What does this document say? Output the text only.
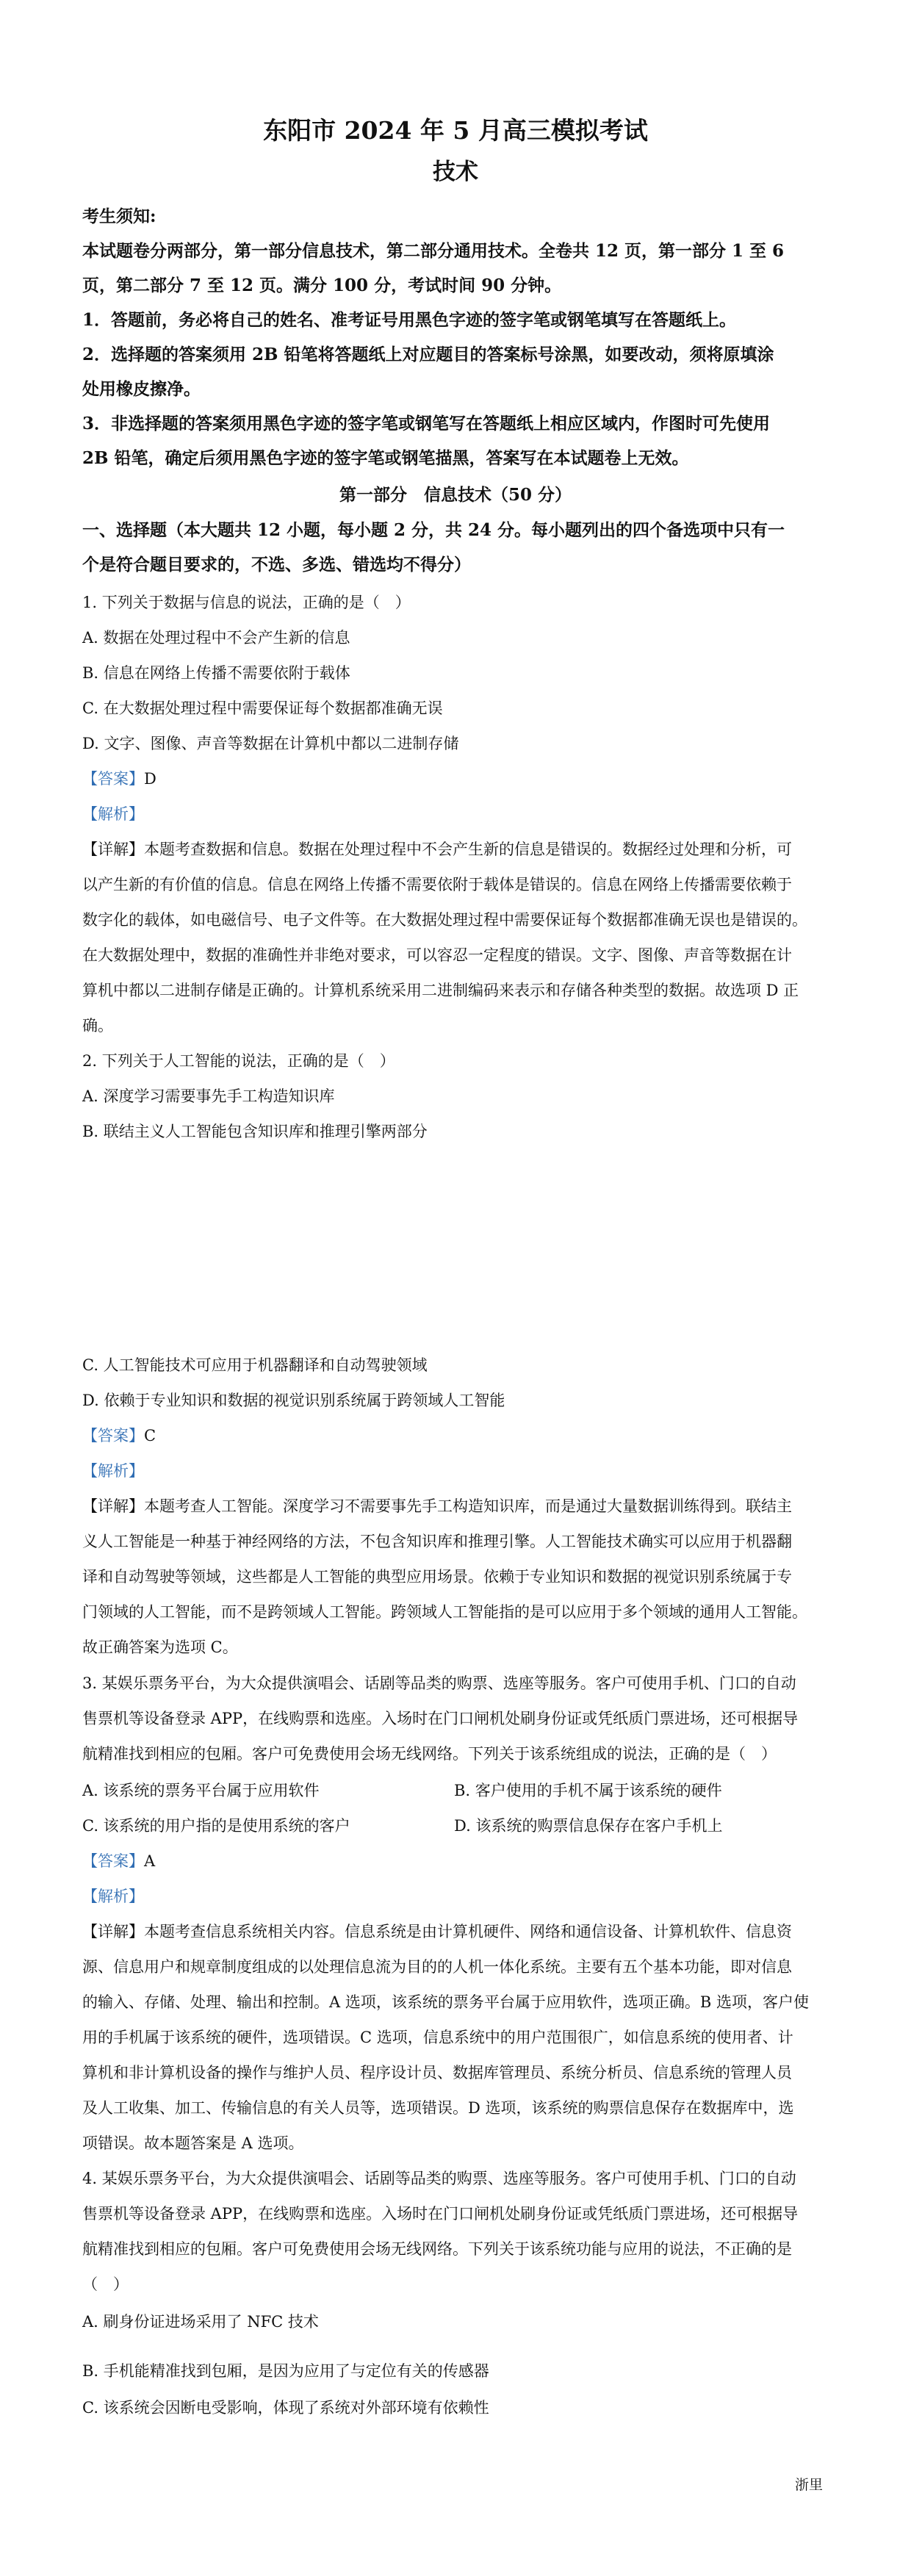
东阳市 2024 年 5 月高三模拟考试
技术
考生须知:
本试题卷分两部分，第一部分信息技术，第二部分通用技术。全卷共 12 页，第一部分 1 至 6
页，第二部分 7 至 12 页。满分 100 分，考试时间 90 分钟。
1．答题前，务必将自己的姓名、准考证号用黑色字迹的签字笔或钢笔填写在答题纸上。
2．选择题的答案须用 2B 铅笔将答题纸上对应题目的答案标号涂黑，如要改动，须将原填涂
处用橡皮擦净。
3．非选择题的答案须用黑色字迹的签字笔或钢笔写在答题纸上相应区域内，作图时可先使用
2B 铅笔，确定后须用黑色字迹的签字笔或钢笔描黑，答案写在本试题卷上无效。
第一部分　信息技术（50 分）
一、选择题（本大题共 12 小题，每小题 2 分，共 24 分。每小题列出的四个备选项中只有一
个是符合题目要求的，不选、多选、错选均不得分）
1. 下列关于数据与信息的说法，正确的是（　）
A. 数据在处理过程中不会产生新的信息
B. 信息在网络上传播不需要依附于载体
C. 在大数据处理过程中需要保证每个数据都准确无误
D. 文字、图像、声音等数据在计算机中都以二进制存储
【答案】D
【解析】
【详解】本题考查数据和信息。数据在处理过程中不会产生新的信息是错误的。数据经过处理和分析，可
以产生新的有价值的信息。信息在网络上传播不需要依附于载体是错误的。信息在网络上传播需要依赖于
数字化的载体，如电磁信号、电子文件等。在大数据处理过程中需要保证每个数据都准确无误也是错误的。
在大数据处理中，数据的准确性并非绝对要求，可以容忍一定程度的错误。文字、图像、声音等数据在计
算机中都以二进制存储是正确的。计算机系统采用二进制编码来表示和存储各种类型的数据。故选项 D 正
确。
2. 下列关于人工智能的说法，正确的是（　）
A. 深度学习需要事先手工构造知识库
B. 联结主义人工智能包含知识库和推理引擎两部分
C. 人工智能技术可应用于机器翻译和自动驾驶领域
D. 依赖于专业知识和数据的视觉识别系统属于跨领域人工智能
【答案】C
【解析】
【详解】本题考查人工智能。深度学习不需要事先手工构造知识库，而是通过大量数据训练得到。联结主
义人工智能是一种基于神经网络的方法，不包含知识库和推理引擎。人工智能技术确实可以应用于机器翻
译和自动驾驶等领域，这些都是人工智能的典型应用场景。依赖于专业知识和数据的视觉识别系统属于专
门领域的人工智能，而不是跨领域人工智能。跨领域人工智能指的是可以应用于多个领域的通用人工智能。
故正确答案为选项 C。
3. 某娱乐票务平台，为大众提供演唱会、话剧等品类的购票、选座等服务。客户可使用手机、门口的自动
售票机等设备登录 APP，在线购票和选座。入场时在门口闸机处刷身份证或凭纸质门票进场，还可根据导
航精准找到相应的包厢。客户可免费使用会场无线网络。下列关于该系统组成的说法，正确的是（　）
A. 该系统的票务平台属于应用软件	B. 客户使用的手机不属于该系统的硬件
C. 该系统的用户指的是使用系统的客户	D. 该系统的购票信息保存在客户手机上
【答案】A
【解析】
【详解】本题考查信息系统相关内容。信息系统是由计算机硬件、网络和通信设备、计算机软件、信息资
源、信息用户和规章制度组成的以处理信息流为目的的人机一体化系统。主要有五个基本功能，即对信息
的输入、存储、处理、输出和控制。A 选项，该系统的票务平台属于应用软件，选项正确。B 选项，客户使
用的手机属于该系统的硬件，选项错误。C 选项，信息系统中的用户范围很广，如信息系统的使用者、计
算机和非计算机设备的操作与维护人员、程序设计员、数据库管理员、系统分析员、信息系统的管理人员
及人工收集、加工、传输信息的有关人员等，选项错误。D 选项，该系统的购票信息保存在数据库中，选
项错误。故本题答案是 A 选项。
4. 某娱乐票务平台，为大众提供演唱会、话剧等品类的购票、选座等服务。客户可使用手机、门口的自动
售票机等设备登录 APP，在线购票和选座。入场时在门口闸机处刷身份证或凭纸质门票进场，还可根据导
航精准找到相应的包厢。客户可免费使用会场无线网络。下列关于该系统功能与应用的说法，不正确的是
（　）
A. 刷身份证进场采用了 NFC 技术
B. 手机能精准找到包厢，是因为应用了与定位有关的传感器
C. 该系统会因断电受影响，体现了系统对外部环境有依赖性
浙里
